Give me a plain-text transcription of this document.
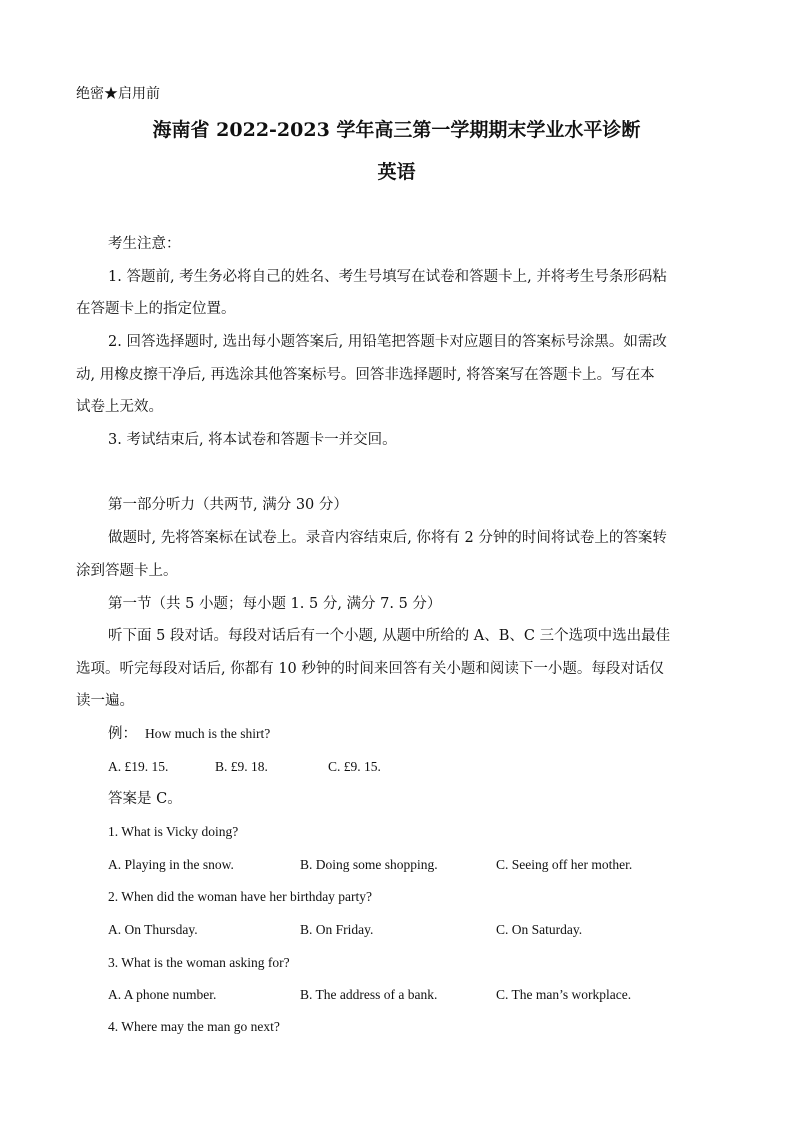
绝密★启用前
海南省 2022-2023 学年高三第一学期期末学业水平诊断
英语
考生注意：
1. 答题前, 考生务必将自己的姓名、考生号填写在试卷和答题卡上, 并将考生号条形码粘
在答题卡上的指定位置。
2. 回答选择题时, 选出每小题答案后, 用铅笔把答题卡对应题目的答案标号涂黑。如需改
动, 用橡皮擦干净后, 再选涂其他答案标号。回答非选择题时, 将答案写在答题卡上。写在本
试卷上无效。
3. 考试结束后, 将本试卷和答题卡一并交回。
第一部分听力（共两节, 满分 30 分）
做题时, 先将答案标在试卷上。录音内容结束后, 你将有 2 分钟的时间将试卷上的答案转
涂到答题卡上。
第一节（共 5 小题；每小题 1. 5 分, 满分 7. 5 分）
听下面 5 段对话。每段对话后有一个小题, 从题中所给的 A、B、C 三个选项中选出最佳
选项。听完每段对话后, 你都有 10 秒钟的时间来回答有关小题和阅读下一小题。每段对话仅
读一遍。
例： How much is the shirt?
A. £19. 15.	B. £9. 18.	C. £9. 15.
答案是 C。
1. What is Vicky doing?
A. Playing in the snow.	B. Doing some shopping.	C. Seeing off her mother.
2. When did the woman have her birthday party?
A. On Thursday.	B. On Friday.	C. On Saturday.
3. What is the woman asking for?
A. A phone number.	B. The address of a bank.	C. The man’s workplace.
4. Where may the man go next?
